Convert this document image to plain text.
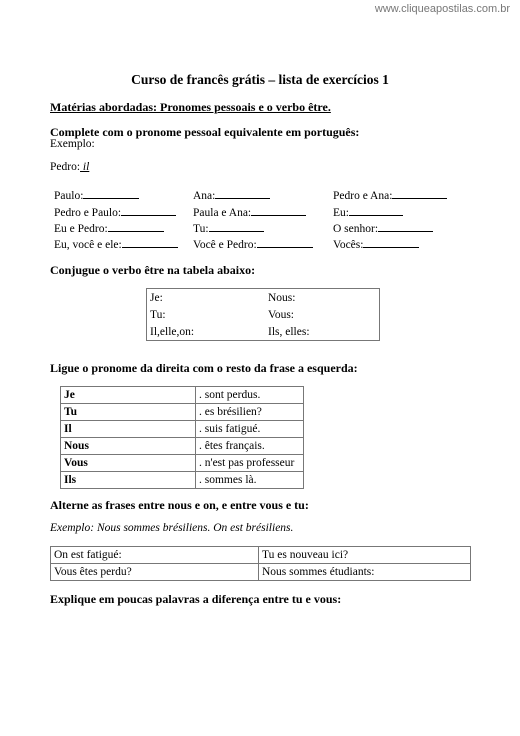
www.cliqueapostilas.com.br
Curso de francês grátis – lista de exercícios 1
Matérias abordadas: Pronomes pessoais e o verbo être.
Complete com o pronome pessoal equivalente em português:
Exemplo:
Pedro: il
Paulo:	Ana:	Pedro e Ana:
Pedro e Paulo:	Paula e Ana:	Eu:
Eu e Pedro:	Tu:	O senhor:
Eu, você e ele:	Você e Pedro:	Vocês:
Conjugue o verbo être na tabela abaixo:
Je:	Nous:
Tu:	Vous:
Il,elle,on:	Ils, elles:
Ligue o pronome da direita com o resto da frase a esquerda:
Je	. sont perdus.
Tu	. es brésilien?
Il	. suis fatigué.
Nous	. êtes français.
Vous	. n'est pas professeur
Ils	. sommes là.
Alterne as frases entre nous e on, e entre vous e tu:
Exemplo: Nous sommes brésiliens. On est brésiliens.
On est fatigué:	Tu es nouveau ici?
Vous êtes perdu?	Nous sommes étudiants:
Explique em poucas palavras a diferença entre tu e vous:
